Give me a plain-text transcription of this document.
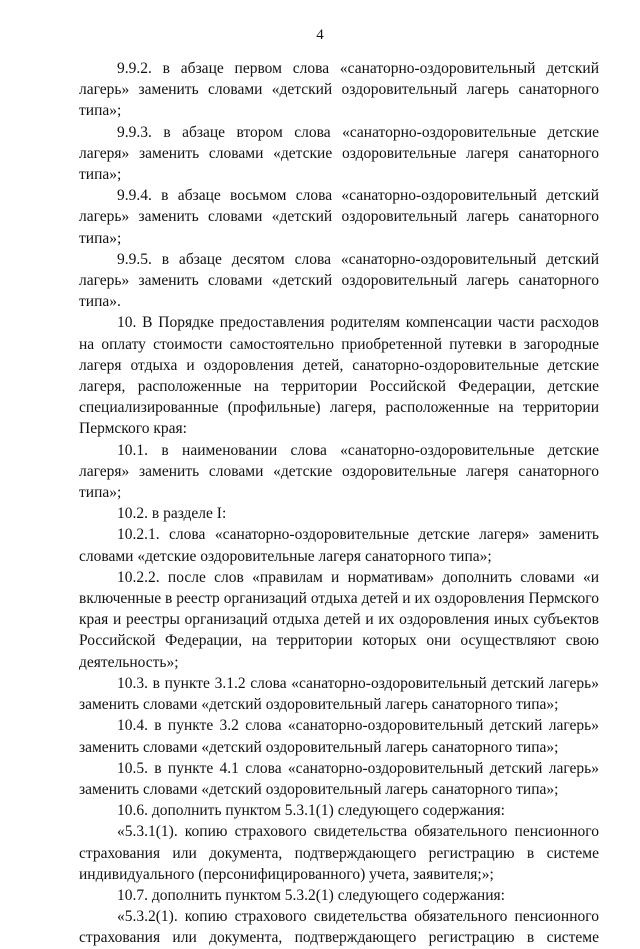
4

9.9.2. в абзаце первом слова «санаторно-оздоровительный детский лагерь» заменить словами «детский оздоровительный лагерь санаторного типа»;

9.9.3. в абзаце втором слова «санаторно-оздоровительные детские лагеря» заменить словами «детские оздоровительные лагеря санаторного типа»;

9.9.4. в абзаце восьмом слова «санаторно-оздоровительный детский лагерь» заменить словами «детский оздоровительный лагерь санаторного типа»;

9.9.5. в абзаце десятом слова «санаторно-оздоровительный детский лагерь» заменить словами «детский оздоровительный лагерь санаторного типа».

10. В Порядке предоставления родителям компенсации части расходов на оплату стоимости самостоятельно приобретенной путевки в загородные лагеря отдыха и оздоровления детей, санаторно-оздоровительные детские лагеря, расположенные на территории Российской Федерации, детские специализированные (профильные) лагеря, расположенные на территории Пермского края:

10.1. в наименовании слова «санаторно-оздоровительные детские лагеря» заменить словами «детские оздоровительные лагеря санаторного типа»;

10.2. в разделе I:

10.2.1. слова «санаторно-оздоровительные детские лагеря» заменить словами «детские оздоровительные лагеря санаторного типа»;

10.2.2. после слов «правилам и нормативам» дополнить словами «и включенные в реестр организаций отдыха детей и их оздоровления Пермского края и реестры организаций отдыха детей и их оздоровления иных субъектов Российской Федерации, на территории которых они осуществляют свою деятельность»;

10.3. в пункте 3.1.2 слова «санаторно-оздоровительный детский лагерь» заменить словами «детский оздоровительный лагерь санаторного типа»;

10.4. в пункте 3.2 слова «санаторно-оздоровительный детский лагерь» заменить словами «детский оздоровительный лагерь санаторного типа»;

10.5. в пункте 4.1 слова «санаторно-оздоровительный детский лагерь» заменить словами «детский оздоровительный лагерь санаторного типа»;

10.6. дополнить пунктом 5.3.1(1) следующего содержания:

«5.3.1(1). копию страхового свидетельства обязательного пенсионного страхования или документа, подтверждающего регистрацию в системе индивидуального (персонифицированного) учета, заявителя;»;

10.7. дополнить пунктом 5.3.2(1) следующего содержания:

«5.3.2(1). копию страхового свидетельства обязательного пенсионного страхования или документа, подтверждающего регистрацию в системе
